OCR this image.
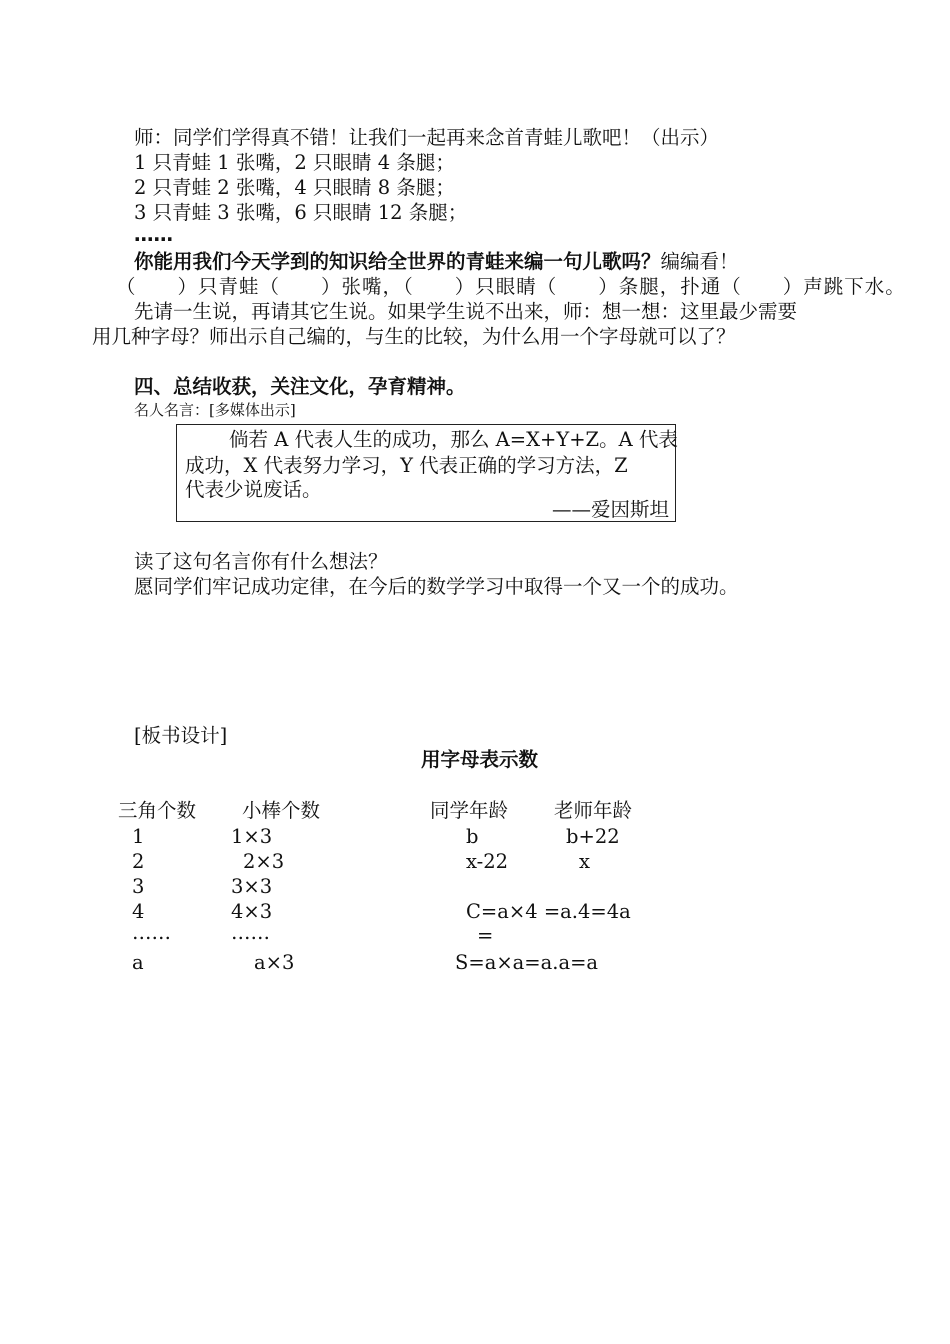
师：同学们学得真不错！让我们一起再来念首青蛙儿歌吧！（出示）
1 只青蛙 1 张嘴，2 只眼睛 4 条腿；
2 只青蛙 2 张嘴，4 只眼睛 8 条腿；
3 只青蛙 3 张嘴，6 只眼睛 12 条腿；
……
你能用我们今天学到的知识给全世界的青蛙来编一句儿歌吗？编编看！
（　　）只青蛙（　　）张嘴，（　　）只眼睛（　　）条腿，扑通（　　）声跳下水。
先请一生说，再请其它生说。如果学生说不出来，师：想一想：这里最少需要
用几种字母？师出示自己编的，与生的比较，为什么用一个字母就可以了？
四、总结收获，关注文化，孕育精神。
名人名言：[多媒体出示]
倘若 A 代表人生的成功，那么 A=X+Y+Z。A 代表
成功，X 代表努力学习，Y 代表正确的学习方法，Z
代表少说废话。
——爱因斯坦
读了这句名言你有什么想法？
愿同学们牢记成功定律，在今后的数学学习中取得一个又一个的成功。
[板书设计]
用字母表示数
三角个数 小棒个数	同学年龄 老师年龄
1
2
3
4
……
a
1×3
2×3
3×3
4×3
……
a×3
b
x-22
C=a×4 =a.4=4a
=
S=a×a=a.a=a
b+22
x
